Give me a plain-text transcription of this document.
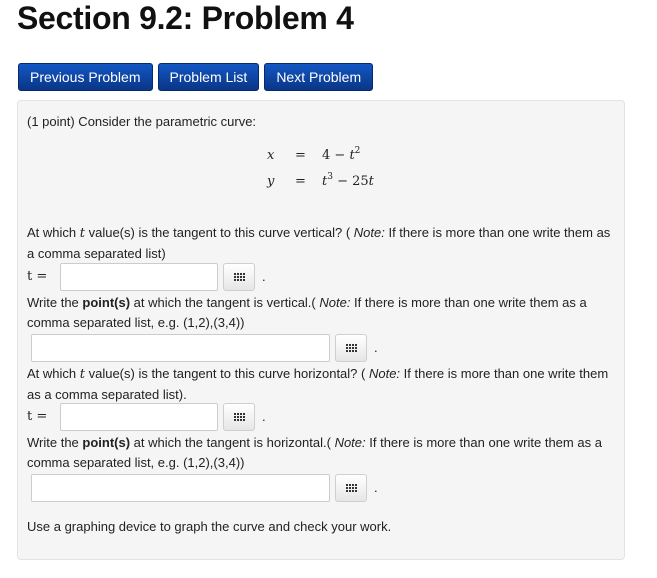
Section 9.2: Problem 4
Previous Problem	Problem List	Next Problem

(1 point) Consider the parametric curve:

$x = 4 - t^2$
$y = t^3 - 25t$

At which t value(s) is the tangent to this curve vertical? ( Note: If there is more than one write them as a comma separated list)

t =	.

Write the point(s) at which the tangent is vertical.( Note: If there is more than one write them as a comma separated list, e.g. (1,2),(3,4))

.

At which t value(s) is the tangent to this curve horizontal? ( Note: If there is more than one write them as a comma separated list).

t =	.

Write the point(s) at which the tangent is horizontal.( Note: If there is more than one write them as a comma separated list, e.g. (1,2),(3,4))

.

Use a graphing device to graph the curve and check your work.
